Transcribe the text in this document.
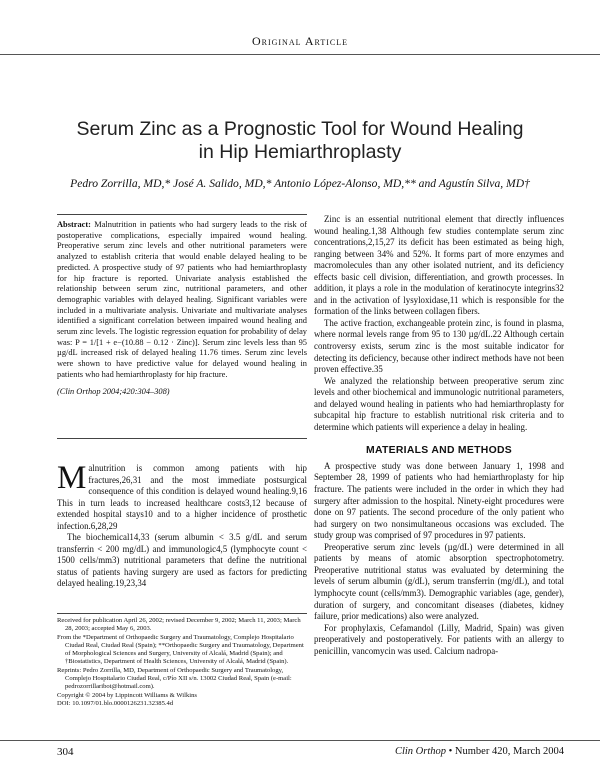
Original Article
Serum Zinc as a Prognostic Tool for Wound Healing
in Hip Hemiarthroplasty
Pedro Zorrilla, MD,* José A. Salido, MD,* Antonio López-Alonso, MD,** and Agustín Silva, MD†
Abstract: Malnutrition in patients who had surgery leads to the risk of postoperative complications, especially impaired wound healing. Preoperative serum zinc levels and other nutritional parameters were analyzed to establish criteria that would enable delayed healing to be predicted. A prospective study of 97 patients who had hemiarthroplasty for hip fracture is reported. Univariate analysis established the relationship between serum zinc, nutritional parameters, and other demographic variables with delayed healing. Significant variables were included in a multivariate analysis. Univariate and multivariate analyses identified a significant correlation between impaired wound healing and serum zinc levels. The logistic regression equation for probability of delay was: P = 1/[1 + e−(10.88 − 0.12 · Zinc)]. Serum zinc levels less than 95 µg/dL increased risk of delayed healing 11.76 times. Serum zinc levels were shown to have predictive value for delayed wound healing in patients who had hemiarthroplasty for hip fracture.
(Clin Orthop 2004;420:304–308)

Malnutrition is common among patients with hip fractures,26,31 and the most immediate postsurgical consequence of this condition is delayed wound healing.9,16 This in turn leads to increased healthcare costs3,12 because of extended hospital stays10 and to a higher incidence of prosthetic infection.6,28,29

The biochemical14,33 (serum albumin < 3.5 g/dL and serum transferrin < 200 mg/dL) and immunologic4,5 (lymphocyte count < 1500 cells/mm3) nutritional parameters that define the nutritional status of patients having surgery are used as factors for predicting delayed healing.19,23,34

Received for publication April 26, 2002; revised December 9, 2002; March 11, 2003; March 28, 2003; accepted May 6, 2003.
From the *Department of Orthopaedic Surgery and Traumatology, Complejo Hospitalario Ciudad Real, Ciudad Real (Spain); **Orthopaedic Surgery and Traumatology, Department of Morphological Sciences and Surgery, University of Alcalá, Madrid (Spain); and †Biostatistics, Department of Health Sciences, University of Alcalá, Madrid (Spain).
Reprints: Pedro Zorrilla, MD, Department of Orthopaedic Surgery and Traumatology, Complejo Hospitalario Ciudad Real, c/Pío XII s/n. 13002 Ciudad Real, Spain (e-mail: pedrozorrillaribot@hotmail.com).
Copyright © 2004 by Lippincott Williams & Wilkins
DOI: 10.1097/01.blo.0000126231.32385.4d

Zinc is an essential nutritional element that directly influences wound healing.1,38 Although few studies contemplate serum zinc concentrations,2,15,27 its deficit has been estimated as being high, ranging between 34% and 52%. It forms part of more enzymes and macromolecules than any other isolated nutrient, and its deficiency effects basic cell division, differentiation, and growth processes. In addition, it plays a role in the modulation of keratinocyte integrins32 and in the activation of lysyloxidase,11 which is responsible for the formation of the links between collagen fibers.

The active fraction, exchangeable protein zinc, is found in plasma, where normal levels range from 95 to 130 µg/dL.22 Although certain controversy exists, serum zinc is the most suitable indicator for detecting its deficiency, because other indirect methods have not been proven effective.35

We analyzed the relationship between preoperative serum zinc levels and other biochemical and immunologic nutritional parameters, and delayed wound healing in patients who had hemiarthroplasty for subcapital hip fracture to establish nutritional risk criteria and to determine which patients will experience a delay in healing.

MATERIALS AND METHODS

A prospective study was done between January 1, 1998 and September 28, 1999 of patients who had hemiarthroplasty for hip fracture. The patients were included in the order in which they had surgery after admission to the hospital. Ninety-eight procedures were done on 97 patients. The second procedure of the only patient who had surgery on two nonsimultaneous occasions was excluded. The study group was comprised of 97 procedures in 97 patients.

Preoperative serum zinc levels (µg/dL) were determined in all patients by means of atomic absorption spectrophotometry. Preoperative nutritional status was evaluated by determining the levels of serum albumin (g/dL), serum transferrin (mg/dL), and total lymphocyte count (cells/mm3). Demographic variables (age, gender), duration of surgery, and concomitant diseases (diabetes, kidney failure, prior medications) also were analyzed.

For prophylaxis, Cefamandol (Lilly, Madrid, Spain) was given preoperatively and postoperatively. For patients with an allergy to penicillin, vancomycin was used. Calcium nadropa-

304	Clin Orthop • Number 420, March 2004
